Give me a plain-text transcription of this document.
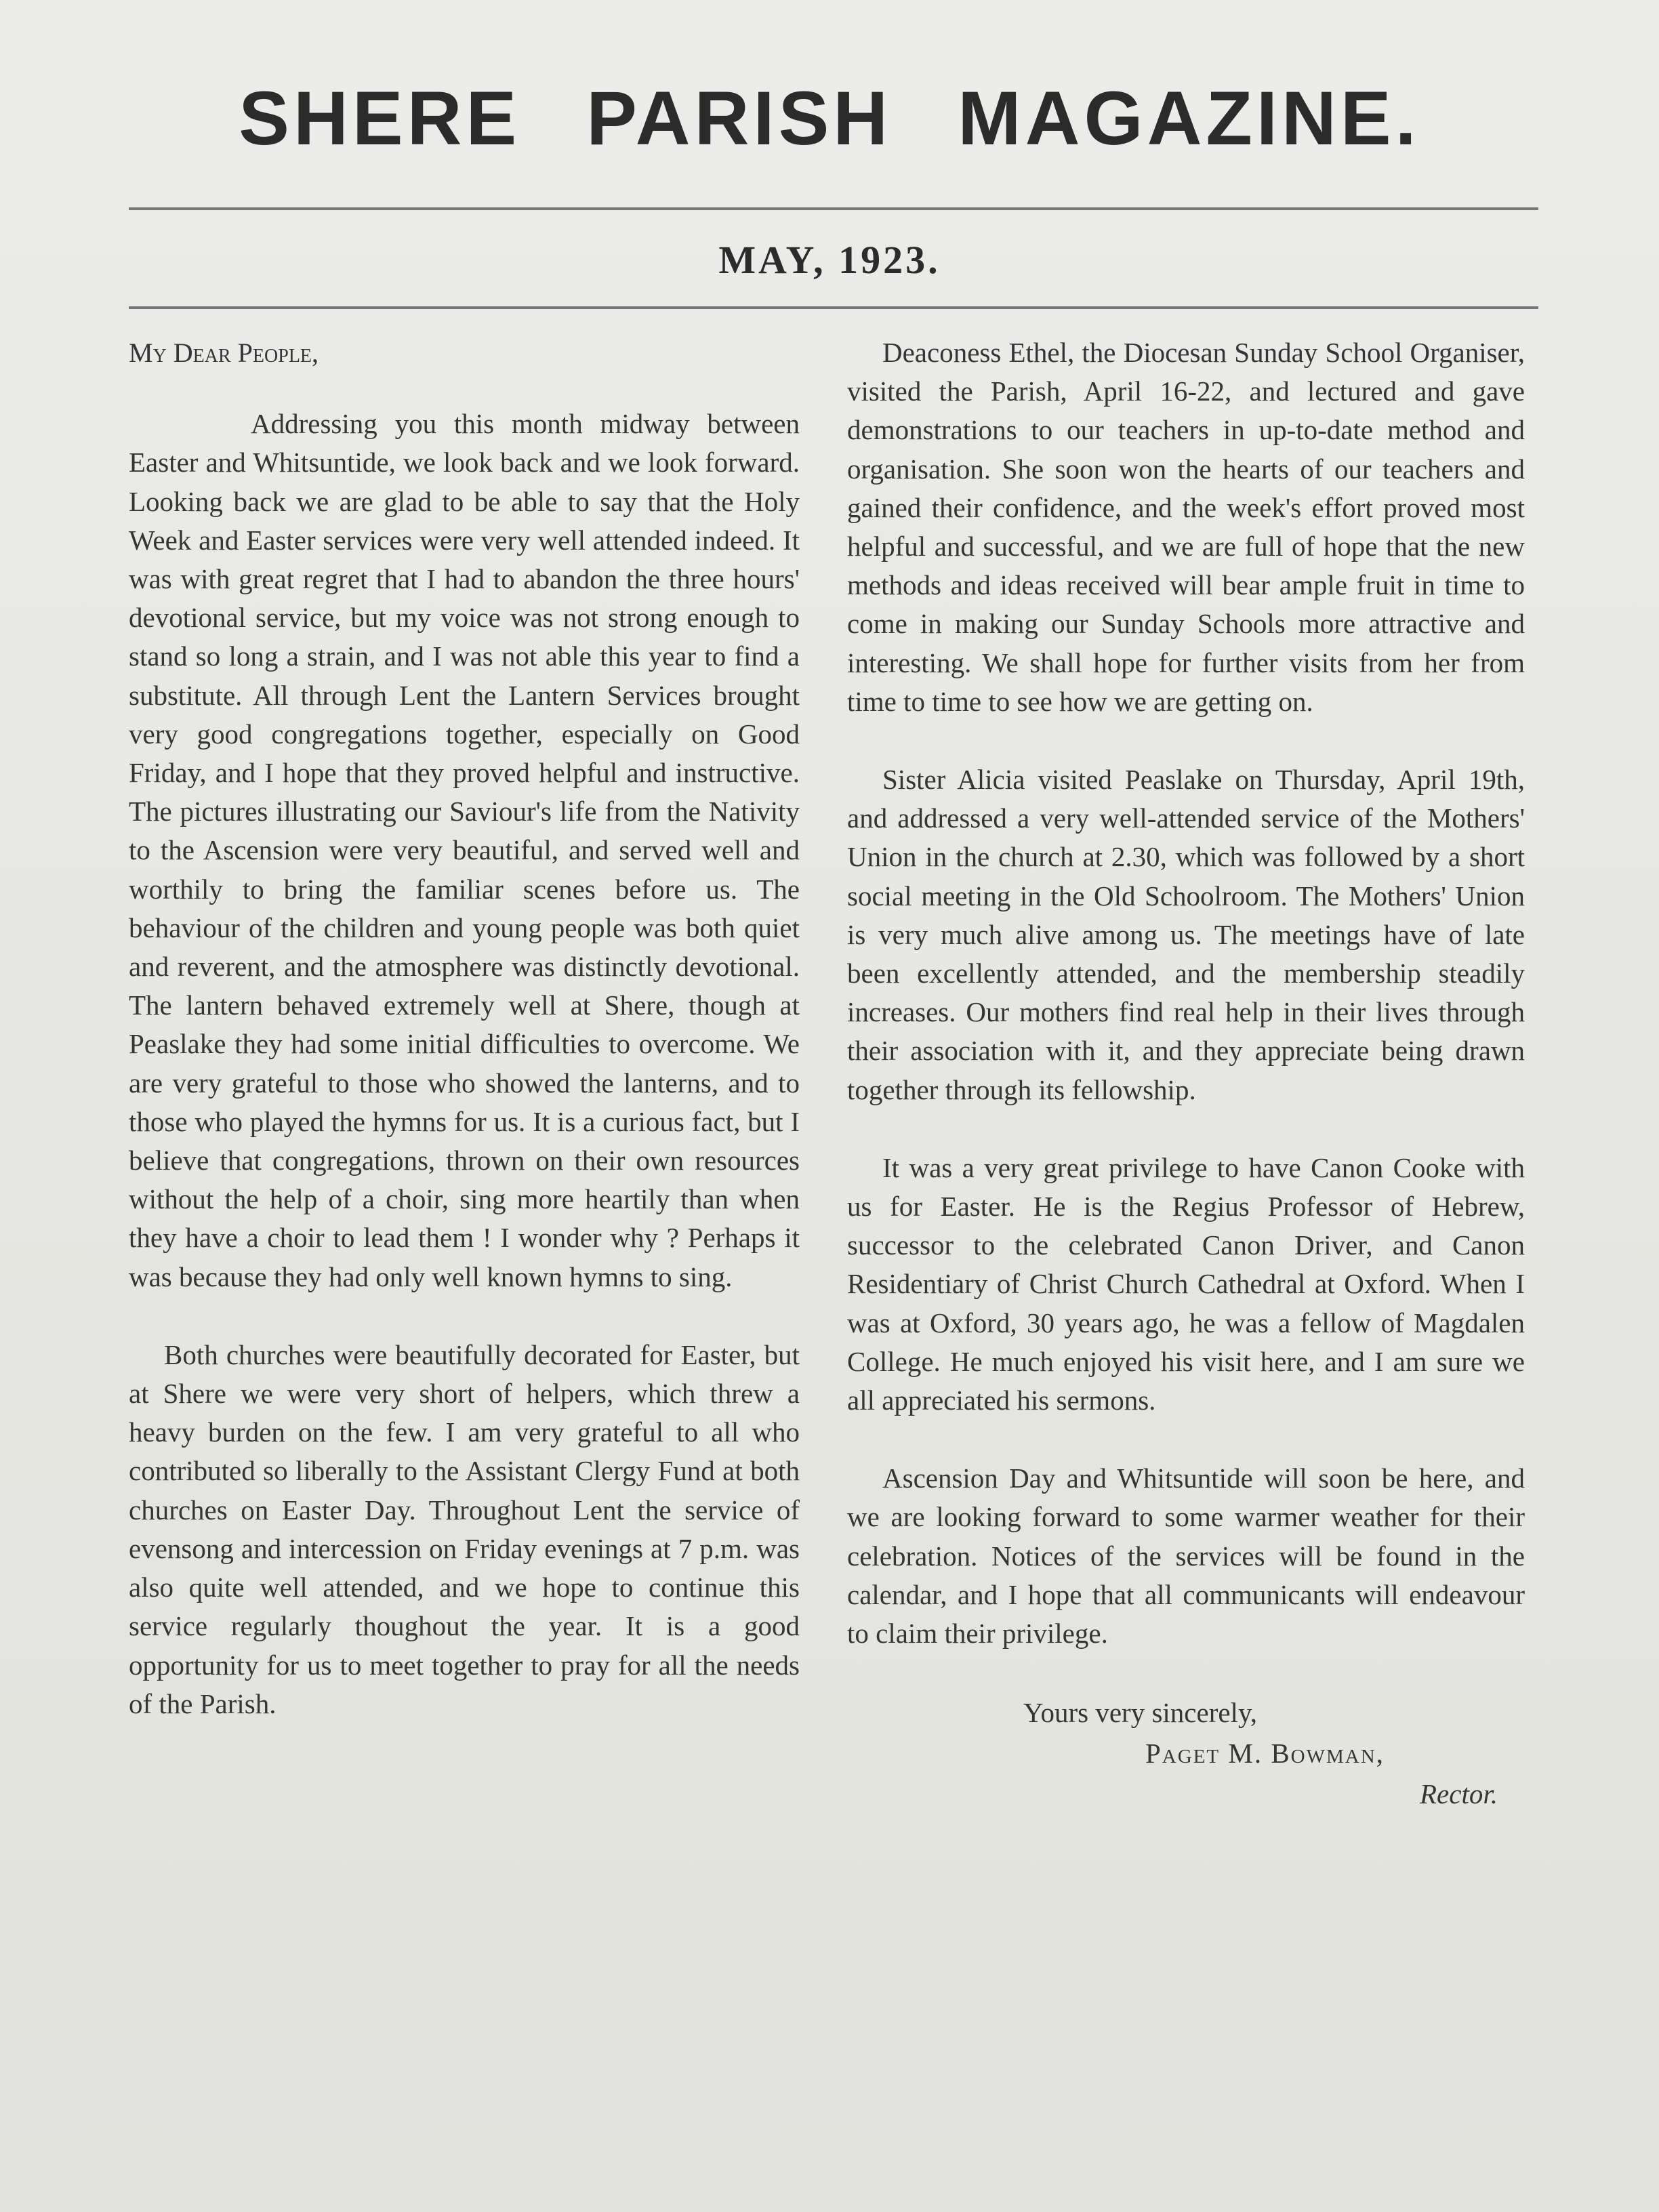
SHERE PARISH MAGAZINE.
MAY, 1923.
My Dear People,

Addressing you this month midway between Easter and Whitsuntide, we look back and we look forward. Looking back we are glad to be able to say that the Holy Week and Easter services were very well attended indeed. It was with great regret that I had to abandon the three hours' devotional service, but my voice was not strong enough to stand so long a strain, and I was not able this year to find a substitute. All through Lent the Lantern Services brought very good congregations together, especially on Good Friday, and I hope that they proved helpful and instructive. The pictures illustrating our Saviour's life from the Nativity to the Ascension were very beautiful, and served well and worthily to bring the familiar scenes before us. The behaviour of the children and young people was both quiet and reverent, and the atmosphere was distinctly devotional. The lantern behaved extremely well at Shere, though at Peaslake they had some initial difficulties to overcome. We are very grateful to those who showed the lanterns, and to those who played the hymns for us. It is a curious fact, but I believe that congregations, thrown on their own resources without the help of a choir, sing more heartily than when they have a choir to lead them ! I wonder why ? Perhaps it was because they had only well known hymns to sing.

Both churches were beautifully decorated for Easter, but at Shere we were very short of helpers, which threw a heavy burden on the few. I am very grateful to all who contributed so liberally to the Assistant Clergy Fund at both churches on Easter Day. Throughout Lent the service of evensong and intercession on Friday evenings at 7 p.m. was also quite well attended, and we hope to continue this service regularly thoughout the year. It is a good opportunity for us to meet together to pray for all the needs of the Parish.

Deaconess Ethel, the Diocesan Sunday School Organiser, visited the Parish, April 16-22, and lectured and gave demonstrations to our teachers in up-to-date method and organisation. She soon won the hearts of our teachers and gained their confidence, and the week's effort proved most helpful and successful, and we are full of hope that the new methods and ideas received will bear ample fruit in time to come in making our Sunday Schools more attractive and interesting. We shall hope for further visits from her from time to time to see how we are getting on.

Sister Alicia visited Peaslake on Thursday, April 19th, and addressed a very well-attended service of the Mothers' Union in the church at 2.30, which was followed by a short social meeting in the Old Schoolroom. The Mothers' Union is very much alive among us. The meetings have of late been excellently attended, and the membership steadily increases. Our mothers find real help in their lives through their association with it, and they appreciate being drawn together through its fellowship.

It was a very great privilege to have Canon Cooke with us for Easter. He is the Regius Professor of Hebrew, successor to the celebrated Canon Driver, and Canon Residentiary of Christ Church Cathedral at Oxford. When I was at Oxford, 30 years ago, he was a fellow of Magdalen College. He much enjoyed his visit here, and I am sure we all appreciated his sermons.

Ascension Day and Whitsuntide will soon be here, and we are looking forward to some warmer weather for their celebration. Notices of the services will be found in the calendar, and I hope that all communicants will endeavour to claim their privilege.

Yours very sincerely,
Paget M. Bowman,
Rector.
